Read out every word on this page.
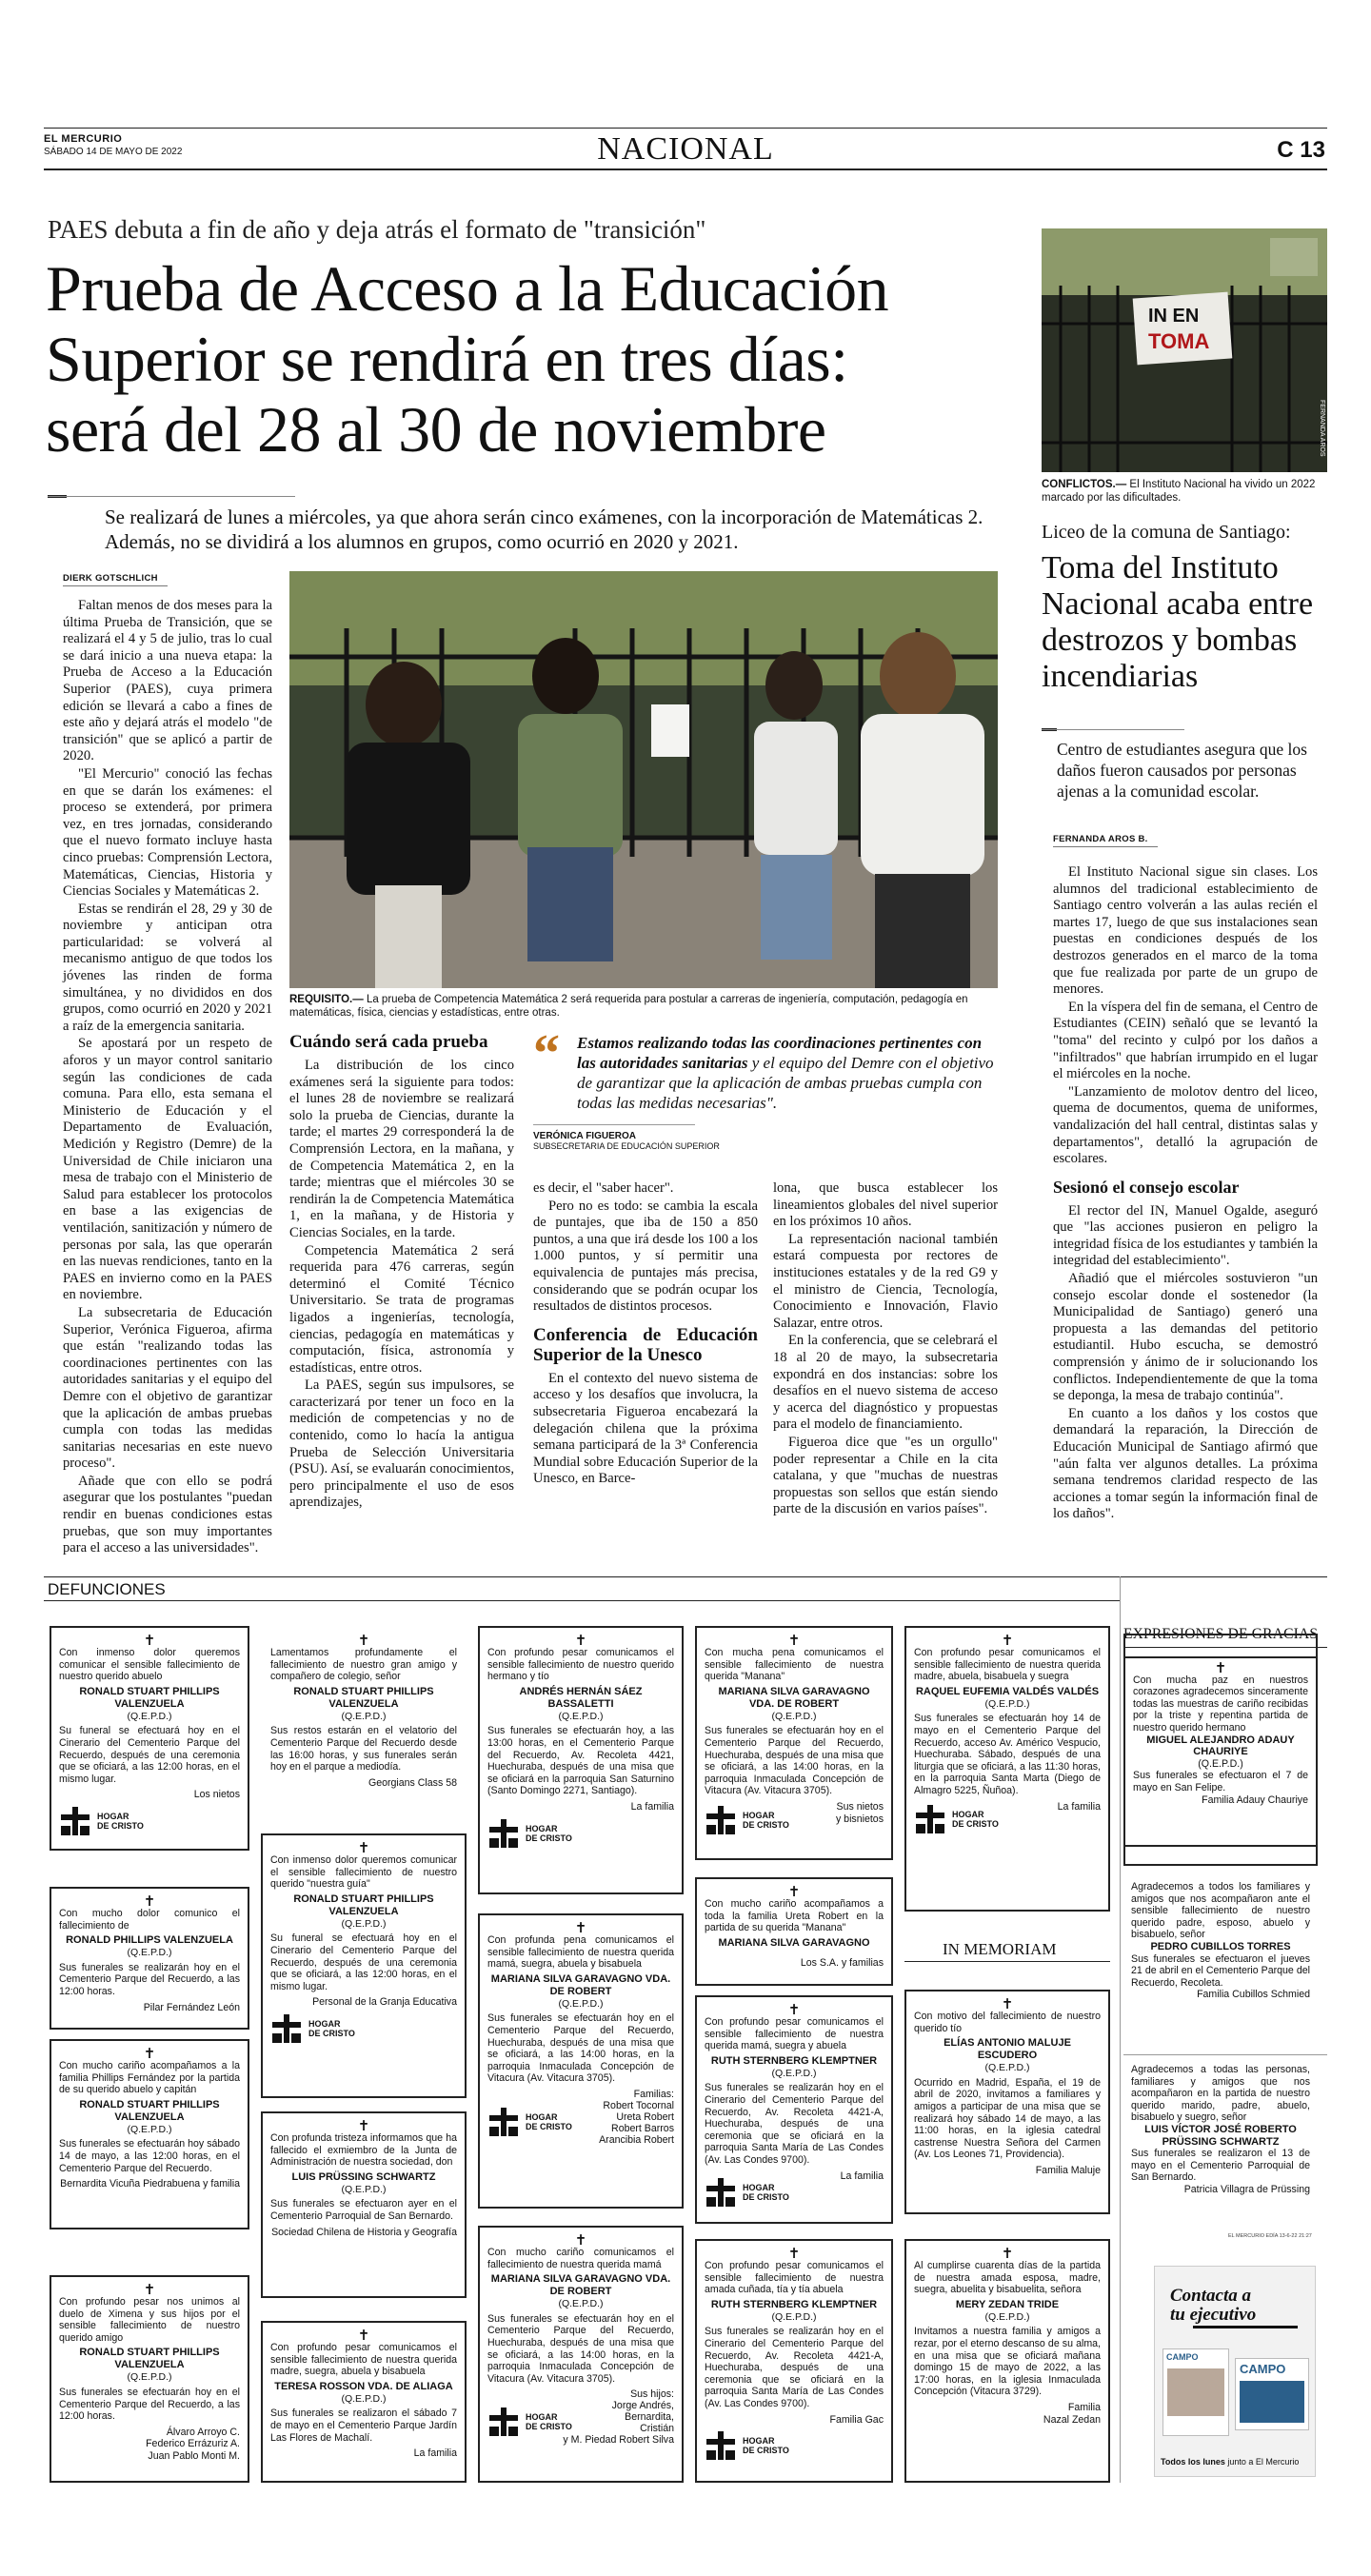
EL MERCURIO
SÁBADO 14 DE MAYO DE 2022	NACIONAL	C 13
PAES debuta a fin de año y deja atrás el formato de "transición"
Prueba de Acceso a la Educación
Superior se rendirá en tres días:
será del 28 al 30 de noviembre
Se realizará de lunes a miércoles, ya que ahora serán cinco exámenes, con la incorporación de Matemáticas 2. Además, no se dividirá a los alumnos en grupos, como ocurrió en 2020 y 2021.
DIERK GOTSCHLICH

Faltan menos de dos meses para la última Prueba de Transición, que se realizará el 4 y 5 de julio, tras lo cual se dará inicio a una nueva etapa: la Prueba de Acceso a la Educación Superior (PAES), cuya primera edición se llevará a cabo a fines de este año y dejará atrás el modelo "de transición" que se aplicó a partir de 2020.

"El Mercurio" conoció las fechas en que se darán los exámenes: el proceso se extenderá, por primera vez, en tres jornadas, considerando que el nuevo formato incluye hasta cinco pruebas: Comprensión Lectora, Matemáticas, Ciencias, Historia y Ciencias Sociales y Matemáticas 2.

Estas se rendirán el 28, 29 y 30 de noviembre y anticipan otra particularidad: se volverá al mecanismo antiguo de que todos los jóvenes las rinden de forma simultánea, y no divididos en dos grupos, como ocurrió en 2020 y 2021 a raíz de la emergencia sanitaria.

Se apostará por un respeto de aforos y un mayor control sanitario según las condiciones de cada comuna. Para ello, esta semana el Ministerio de Educación y el Departamento de Evaluación, Medición y Registro (Demre) de la Universidad de Chile iniciaron una mesa de trabajo con el Ministerio de Salud para establecer los protocolos en base a las exigencias de ventilación, sanitización y número de personas por sala, las que operarán en las nuevas rendiciones, tanto en la PAES en invierno como en la PAES en noviembre.

La subsecretaria de Educación Superior, Verónica Figueroa, afirma que están "realizando todas las coordinaciones pertinentes con las autoridades sanitarias y el equipo del Demre con el objetivo de garantizar que la aplicación de ambas pruebas cumpla con todas las medidas sanitarias necesarias en este nuevo proceso".

Añade que con ello se podrá asegurar que los postulantes "puedan rendir en buenas condiciones estas pruebas, que son muy importantes para el acceso a las universidades".

REQUISITO.— La prueba de Competencia Matemática 2 será requerida para postular a carreras de ingeniería, computación, pedagogía en matemáticas, física, ciencias y estadísticas, entre otras.
Cuándo será cada prueba

La distribución de los cinco exámenes será la siguiente para todos: el lunes 28 de noviembre se realizará solo la prueba de Ciencias, durante la tarde; el martes 29 corresponderá la de Comprensión Lectora, en la mañana, y de Competencia Matemática 2, en la tarde; mientras que el miércoles 30 se rendirán la de Competencia Matemática 1, en la mañana, y de Historia y Ciencias Sociales, en la tarde.

Competencia Matemática 2 será requerida para 476 carreras, según determinó el Comité Técnico Universitario. Se trata de programas ligados a ingenierías, tecnología, ciencias, pedagogía en matemáticas y computación, física, astronomía y estadísticas, entre otros.

La PAES, según sus impulsores, se caracterizará por tener un foco en la medición de competencias y no de contenido, como lo hacía la antigua Prueba de Selección Universitaria (PSU). Así, se evaluarán conocimientos, pero principalmente el uso de esos aprendizajes,

“	Estamos realizando todas las coordinaciones pertinentes con las autoridades sanitarias y el equipo del Demre con el objetivo de garantizar que la aplicación de ambas pruebas cumpla con todas las medidas necesarias".
VERÓNICA FIGUEROA
SUBSECRETARIA DE EDUCACIÓN SUPERIOR

es decir, el "saber hacer".

Pero no es todo: se cambia la escala de puntajes, que iba de 150 a 850 puntos, a una que irá desde los 100 a los 1.000 puntos, y sí permitir una equivalencia de puntajes más precisa, considerando que se podrán ocupar los resultados de distintos procesos.

Conferencia de Educación Superior de la Unesco

En el contexto del nuevo sistema de acceso y los desafíos que involucra, la subsecretaria Figueroa encabezará la delegación chilena que la próxima semana participará de la 3ª Conferencia Mundial sobre Educación Superior de la Unesco, en Barce-

lona, que busca establecer los lineamientos globales del nivel superior en los próximos 10 años.

La representación nacional también estará compuesta por rectores de instituciones estatales y de la red G9 y el ministro de Ciencia, Tecnología, Conocimiento e Innovación, Flavio Salazar, entre otros.

En la conferencia, que se celebrará el 18 al 20 de mayo, la subsecretaria expondrá en dos instancias: sobre los desafíos en el nuevo sistema de acceso y acerca del diagnóstico y propuestas para el modelo de financiamiento.

Figueroa dice que "es un orgullo" poder representar a Chile en la cita catalana, y que "muchas de nuestras propuestas son sellos que están siendo parte de la discusión en varios países".

IN EN
TOMA
FERNANDA AROS
CONFLICTOS.— El Instituto Nacional ha vivido un 2022 marcado por las dificultades.
Liceo de la comuna de Santiago:
Toma del Instituto Nacional acaba entre destrozos y bombas incendiarias
Centro de estudiantes asegura que los daños fueron causados por personas ajenas a la comunidad escolar.
FERNANDA AROS B.

El Instituto Nacional sigue sin clases. Los alumnos del tradicional establecimiento de Santiago centro volverán a las aulas recién el martes 17, luego de que sus instalaciones sean puestas en condiciones después de los destrozos generados en el marco de la toma que fue realizada por parte de un grupo de menores.

En la víspera del fin de semana, el Centro de Estudiantes (CEIN) señaló que se levantó la "toma" del recinto y culpó por los daños a "infiltrados" que habrían irrumpido en el lugar el miércoles en la noche.

"Lanzamiento de molotov dentro del liceo, quema de documentos, quema de uniformes, vandalización del hall central, distintas salas y departamentos", detalló la agrupación de escolares.

Sesionó el consejo escolar

El rector del IN, Manuel Ogalde, aseguró que "las acciones pusieron en peligro la integridad física de los estudiantes y también la integridad del establecimiento".

Añadió que el miércoles sostuvieron "un consejo escolar donde el sostenedor (la Municipalidad de Santiago) generó una propuesta a las demandas del petitorio estudiantil. Hubo escucha, se demostró comprensión y ánimo de ir solucionando los conflictos. Independientemente de que la toma se deponga, la mesa de trabajo continúa".

En cuanto a los daños y los costos que demandará la reparación, la Dirección de Educación Municipal de Santiago afirmó que "aún falta ver algunos detalles. La próxima semana tendremos claridad respecto de las acciones a tomar según la información final de los daños".

DEFUNCIONES
✝
Con inmenso dolor queremos comunicar el sensible fallecimiento de nuestro querido abuelo
RONALD STUART PHILLIPS VALENZUELA
(Q.E.P.D.)
Su funeral se efectuará hoy en el Cinerario del Cementerio Parque del Recuerdo, después de una ceremonia que se oficiará, a las 12:00 horas, en el mismo lugar.
Los nietos
HOGAR
DE CRISTO
✝
Con mucho dolor comunico el fallecimiento de
RONALD PHILLIPS VALENZUELA
(Q.E.P.D.)
Sus funerales se realizarán hoy en el Cementerio Parque del Recuerdo, a las 12:00 horas.
Pilar Fernández León
✝
Con mucho cariño acompañamos a la familia Phillips Fernández por la partida de su querido abuelo y capitán
RONALD STUART PHILLIPS VALENZUELA
(Q.E.P.D.)
Sus funerales se efectuarán hoy sábado 14 de mayo, a las 12:00 horas, en el Cementerio Parque del Recuerdo.
Bernardita Vicuña Piedrabuena y familia
✝
Con profundo pesar nos unimos al duelo de Ximena y sus hijos por el sensible fallecimiento de nuestro querido amigo
RONALD STUART PHILLIPS VALENZUELA
(Q.E.P.D.)
Sus funerales se efectuarán hoy en el Cementerio Parque del Recuerdo, a las 12:00 horas.
Álvaro Arroyo C.
Federico Errázuriz A.
Juan Pablo Monti M.
✝
Lamentamos profundamente el fallecimiento de nuestro gran amigo y compañero de colegio, señor
RONALD STUART PHILLIPS VALENZUELA
(Q.E.P.D.)
Sus restos estarán en el velatorio del Cementerio Parque del Recuerdo desde las 16:00 horas, y sus funerales serán hoy en el parque a mediodía.
Georgians Class 58
✝
Con inmenso dolor queremos comunicar el sensible fallecimiento de nuestro querido "nuestra guía"
RONALD STUART PHILLIPS VALENZUELA
(Q.E.P.D.)
Su funeral se efectuará hoy en el Cinerario del Cementerio Parque del Recuerdo, después de una ceremonia que se oficiará, a las 12:00 horas, en el mismo lugar.
Personal de la Granja Educativa
HOGAR
DE CRISTO
✝
Con profunda tristeza informamos que ha fallecido el exmiembro de la Junta de Administración de nuestra sociedad, don
LUIS PRÜSSING SCHWARTZ
(Q.E.P.D.)
Sus funerales se efectuaron ayer en el Cementerio Parroquial de San Bernardo.
Sociedad Chilena de Historia y Geografía
✝
Con profundo pesar comunicamos el sensible fallecimiento de nuestra querida madre, suegra, abuela y bisabuela
TERESA ROSSON VDA. DE ALIAGA
(Q.E.P.D.)
Sus funerales se realizaron el sábado 7 de mayo en el Cementerio Parque Jardín Las Flores de Machalí.
La familia
✝
Con profundo pesar comunicamos el sensible fallecimiento de nuestro querido hermano y tío
ANDRÉS HERNÁN SÁEZ BASSALETTI
(Q.E.P.D.)
Sus funerales se efectuarán hoy, a las 13:00 horas, en el Cementerio Parque del Recuerdo, Av. Recoleta 4421, Huechuraba, después de una misa que se oficiará en la parroquia San Saturnino (Santo Domingo 2271, Santiago).
La familia
HOGAR
DE CRISTO
✝
Con profunda pena comunicamos el sensible fallecimiento de nuestra querida mamá, suegra, abuela y bisabuela
MARIANA SILVA GARAVAGNO VDA. DE ROBERT
(Q.E.P.D.)
Sus funerales se efectuarán hoy en el Cementerio Parque del Recuerdo, Huechuraba, después de una misa que se oficiará, a las 14:00 horas, en la parroquia Inmaculada Concepción de Vitacura (Av. Vitacura 3705).
Familias:
Robert Tocornal
Ureta Robert
Robert Barros
Arancibia Robert
HOGAR
DE CRISTO
✝
Con mucho cariño comunicamos el fallecimiento de nuestra querida mamá
MARIANA SILVA GARAVAGNO VDA. DE ROBERT
(Q.E.P.D.)
Sus funerales se efectuarán hoy en el Cementerio Parque del Recuerdo, Huechuraba, después de una misa que se oficiará, a las 14:00 horas, en la parroquia Inmaculada Concepción de Vitacura (Av. Vitacura 3705).
Sus hijos:
Jorge Andrés,
Bernardita,
Cristián
y M. Piedad Robert Silva
HOGAR
DE CRISTO
✝
Con mucha pena comunicamos el sensible fallecimiento de nuestra querida "Manana"
MARIANA SILVA GARAVAGNO VDA. DE ROBERT
(Q.E.P.D.)
Sus funerales se efectuarán hoy en el Cementerio Parque del Recuerdo, Huechuraba, después de una misa que se oficiará, a las 14:00 horas, en la parroquia Inmaculada Concepción de Vitacura (Av. Vitacura 3705).
Sus nietos
y bisnietos
HOGAR
DE CRISTO
✝
Con mucho cariño acompañamos a toda la familia Ureta Robert en la partida de su querida "Manana"
MARIANA SILVA GARAVAGNO
Los S.A. y familias
✝
Con profundo pesar comunicamos el sensible fallecimiento de nuestra querida mamá, suegra y abuela
RUTH STERNBERG KLEMPTNER
(Q.E.P.D.)
Sus funerales se realizarán hoy en el Cinerario del Cementerio Parque del Recuerdo, Av. Recoleta 4421-A, Huechuraba, después de una ceremonia que se oficiará en la parroquia Santa María de Las Condes (Av. Las Condes 9700).
La familia
HOGAR
DE CRISTO
✝
Con profundo pesar comunicamos el sensible fallecimiento de nuestra amada cuñada, tía y tía abuela
RUTH STERNBERG KLEMPTNER
(Q.E.P.D.)
Sus funerales se realizarán hoy en el Cinerario del Cementerio Parque del Recuerdo, Av. Recoleta 4421-A, Huechuraba, después de una ceremonia que se oficiará en la parroquia Santa María de Las Condes (Av. Las Condes 9700).
Familia Gac
HOGAR
DE CRISTO
✝
Con profundo pesar comunicamos el sensible fallecimiento de nuestra querida madre, abuela, bisabuela y suegra
RAQUEL EUFEMIA VALDÉS VALDÉS
(Q.E.P.D.)
Sus funerales se efectuarán hoy 14 de mayo en el Cementerio Parque del Recuerdo, acceso Av. Américo Vespucio, Huechuraba. Sábado, después de una liturgia que se oficiará, a las 11:30 horas, en la parroquia Santa Marta (Diego de Almagro 5225, Ñuñoa).
La familia
HOGAR
DE CRISTO
IN MEMORIAM
✝
Con motivo del fallecimiento de nuestro querido tío
ELÍAS ANTONIO MALUJE ESCUDERO
(Q.E.P.D.)
Ocurrido en Madrid, España, el 19 de abril de 2020, invitamos a familiares y amigos a participar de una misa que se realizará hoy sábado 14 de mayo, a las 11:00 horas, en la iglesia catedral castrense Nuestra Señora del Carmen (Av. Los Leones 71, Providencia).
Familia Maluje
✝
Al cumplirse cuarenta días de la partida de nuestra amada esposa, madre, suegra, abuelita y bisabuelita, señora
MERY ZEDAN TRIDE
(Q.E.P.D.)
Invitamos a nuestra familia y amigos a rezar, por el eterno descanso de su alma, en una misa que se oficiará mañana domingo 15 de mayo de 2022, a las 17:00 horas, en la iglesia Inmaculada Concepción (Vitacura 3729).
Familia
Nazal Zedan
EXPRESIONES DE GRACIAS
✝
Con mucha paz en nuestros corazones agradecemos sinceramente todas las muestras de cariño recibidas por la triste y repentina partida de nuestro querido hermano
MIGUEL ALEJANDRO ADAUY CHAURIYE
(Q.E.P.D.)
Sus funerales se efectuaron el 7 de mayo en San Felipe.
Familia Adauy Chauriye
Agradecemos a todos los familiares y amigos que nos acompañaron ante el sensible fallecimiento de nuestro querido padre, esposo, abuelo y bisabuelo, señor
PEDRO CUBILLOS TORRES
Sus funerales se efectuaron el jueves 21 de abril en el Cementerio Parque del Recuerdo, Recoleta.
Familia Cubillos Schmied
Agradecemos a todas las personas, familiares y amigos que nos acompañaron en la partida de nuestro querido marido, padre, abuelo, bisabuelo y suegro, señor
LUIS VÍCTOR JOSÉ ROBERTO PRÜSSING SCHWARTZ
Sus funerales se realizaron el 13 de mayo en el Cementerio Parroquial de San Bernardo.
Patricia Villagra de Prüssing
EL MERCURIO EDÍA 13-6-22 21:27
Contacta a
tu ejecutivo
CAMPO
CAMPO
Todos los lunes junto a El Mercurio
